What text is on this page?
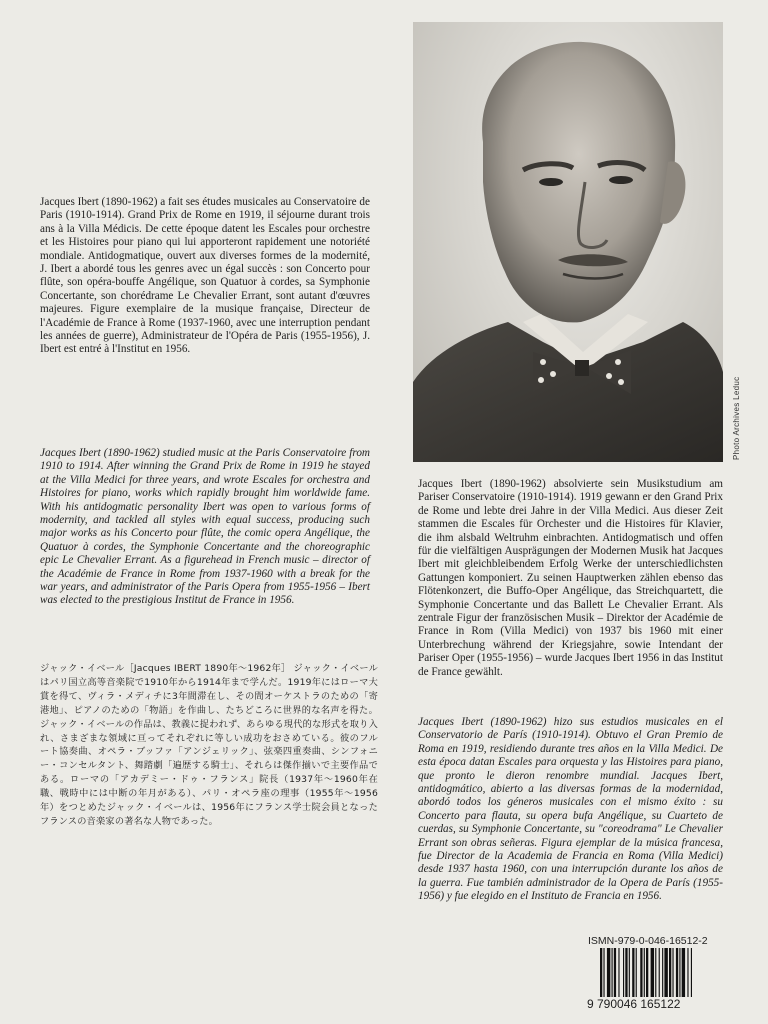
Photo Archives Leduc

Jacques Ibert (1890-1962) a fait ses études musicales au Conservatoire de Paris (1910-1914). Grand Prix de Rome en 1919, il séjourne durant trois ans à la Villa Médicis. De cette époque datent les Escales pour orchestre et les Histoires pour piano qui lui apporteront rapidement une notoriété mondiale. Antidogmatique, ouvert aux diverses formes de la modernité, J. Ibert a abordé tous les genres avec un égal succès : son Concerto pour flûte, son opéra-bouffe Angélique, son Quatuor à cordes, sa Symphonie Concertante, son chorédrame Le Chevalier Errant, sont autant d'œuvres majeures. Figure exemplaire de la musique française, Directeur de l'Académie de France à Rome (1937-1960, avec une interruption pendant les années de guerre), Administrateur de l'Opéra de Paris (1955-1956), J. Ibert est entré à l'Institut en 1956.

Jacques Ibert (1890-1962) studied music at the Paris Conservatoire from 1910 to 1914. After winning the Grand Prix de Rome in 1919 he stayed at the Villa Medici for three years, and wrote Escales for orchestra and Histoires for piano, works which rapidly brought him worldwide fame. With his antidogmatic personality Ibert was open to various forms of modernity, and tackled all styles with equal success, producing such major works as his Concerto pour flûte, the comic opera Angélique, the Quatuor à cordes, the Symphonie Concertante and the choreographic epic Le Chevalier Errant. As a figurehead in French music – director of the Académie de France in Rome from 1937-1960 with a break for the war years, and administrator of the Paris Opera from 1955-1956 – Ibert was elected to the prestigious Institut de France in 1956.

ジャック・イベール［Jacques IBERT 1890年～1962年］ ジャック・イベールはパリ国立高等音楽院で1910年から1914年まで学んだ。1919年にはローマ大賞を得て、ヴィラ・メディチに3年間滞在し、その間オーケストラのための「寄港地」、ピアノのための「物語」を作曲し、たちどころに世界的な名声を得た。ジャック・イベールの作品は、教義に捉われず、あらゆる現代的な形式を取り入れ、さまざまな領域に亘ってそれぞれに等しい成功をおさめている。彼のフルート協奏曲、オペラ・ブッファ「アンジェリック」、弦楽四重奏曲、シンフォニー・コンセルタント、舞踏劇「遍歴する騎士」、それらは傑作揃いで主要作品である。ローマの「アカデミー・ドゥ・フランス」院長（1937年～1960年在職、戦時中には中断の年月がある）、パリ・オペラ座の理事（1955年～1956年）をつとめたジャック・イベールは、1956年にフランス学士院会員となったフランスの音楽家の著名な人物であった。

Jacques Ibert (1890-1962) absolvierte sein Musikstudium am Pariser Conservatoire (1910-1914). 1919 gewann er den Grand Prix de Rome und lebte drei Jahre in der Villa Medici. Aus dieser Zeit stammen die Escales für Orchester und die Histoires für Klavier, die ihm alsbald Weltruhm einbrachten. Antidogmatisch und offen für die vielfältigen Ausprägungen der Modernen Musik hat Jacques Ibert mit gleichbleibendem Erfolg Werke der unterschiedlichsten Gattungen komponiert. Zu seinen Hauptwerken zählen ebenso das Flötenkonzert, die Buffo-Oper Angélique, das Streichquartett, die Symphonie Concertante und das Ballett Le Chevalier Errant. Als zentrale Figur der französischen Musik – Direktor der Académie de France in Rom (Villa Medici) von 1937 bis 1960 mit einer Unterbrechung während der Kriegsjahre, sowie Intendant der Pariser Oper (1955-1956) – wurde Jacques Ibert 1956 in das Institut de France gewählt.

Jacques Ibert (1890-1962) hizo sus estudios musicales en el Conservatorio de París (1910-1914). Obtuvo el Gran Premio de Roma en 1919, residiendo durante tres años en la Villa Medici. De esta época datan Escales para orquesta y las Histoires para piano, que pronto le dieron renombre mundial. Jacques Ibert, antidogmático, abierto a las diversas formas de la modernidad, abordó todos los géneros musicales con el mismo éxito : su Concerto para flauta, su opera bufa Angélique, su Cuarteto de cuerdas, su Symphonie Concertante, su "coreodrama" Le Chevalier Errant son obras señeras. Figura ejemplar de la música francesa, fue Director de la Academia de Francia en Roma (Villa Medici) desde 1937 hasta 1960, con una interrupción durante los años de la guerra. Fue también administrador de la Opera de París (1955-1956) y fue elegido en el Instituto de Francia en 1956.

ISMN-979-0-046-16512-2
9 790046 165122
